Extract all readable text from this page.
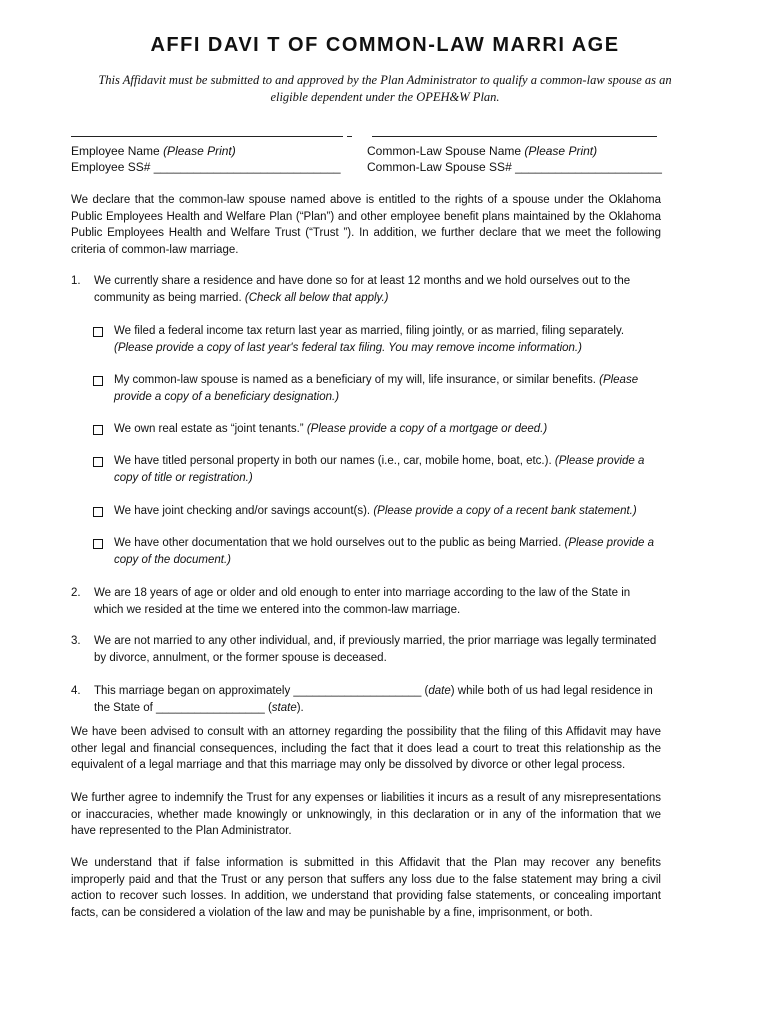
AFFI DAVI T OF COMMON-LAW MARRI AGE
This Affidavit must be submitted to and approved by the Plan Administrator to qualify a common-law spouse as an eligible dependent under the OPEH&W Plan.
Employee Name (Please Print)
Employee SS# ____________________________
Common-Law Spouse Name (Please Print)
Common-Law Spouse SS# ______________________
We declare that the common-law spouse named above is entitled to the rights of a spouse under the Oklahoma Public Employees Health and Welfare Plan (“Plan”) and other employee benefit plans maintained by the Oklahoma Public Employees Health and Welfare Trust (“Trust ”). In addition, we further declare that we meet the following criteria of common-law marriage.
1. We currently share a residence and have done so for at least 12 months and we hold ourselves out to the community as being married. (Check all below that apply.)
We filed a federal income tax return last year as married, filing jointly, or as married, filing separately.(Please provide a copy of last year's federal tax filing. You may remove income information.)
My common-law spouse is named as a beneficiary of my will, life insurance, or similar benefits. (Please provide a copy of a beneficiary designation.)
We own real estate as “joint tenants.” (Please provide a copy of a mortgage or deed.)
We have titled personal property in both our names (i.e., car, mobile home, boat, etc.). (Please provide a copy of title or registration.)
We have joint checking and/or savings account(s). (Please provide a copy of a recent bank statement.)
We have other documentation that we hold ourselves out to the public as being Married. (Please provide a copy of the document.)
2. We are 18 years of age or older and old enough to enter into marriage according to the law of the State in which we resided at the time we entered into the common-law marriage.
3. We are not married to any other individual, and, if previously married, the prior marriage was legally terminated by divorce, annulment, or the former spouse is deceased.
4. This marriage began on approximately ____________________ (date) while both of us had legal residence in the State of _________________ (state).
We have been advised to consult with an attorney regarding the possibility that the filing of this Affidavit may have other legal and financial consequences, including the fact that it does lead a court to treat this relationship as the equivalent of a legal marriage and that this marriage may only be dissolved by divorce or other legal process.
We further agree to indemnify the Trust for any expenses or liabilities it incurs as a result of any misrepresentations or inaccuracies, whether made knowingly or unknowingly, in this declaration or in any of the information that we have represented to the Plan Administrator.
We understand that if false information is submitted in this Affidavit that the Plan may recover any benefits improperly paid and that the Trust or any person that suffers any loss due to the false statement may bring a civil action to recover such losses. In addition, we understand that providing false statements, or concealing important facts, can be considered a violation of the law and may be punishable by a fine, imprisonment, or both.
